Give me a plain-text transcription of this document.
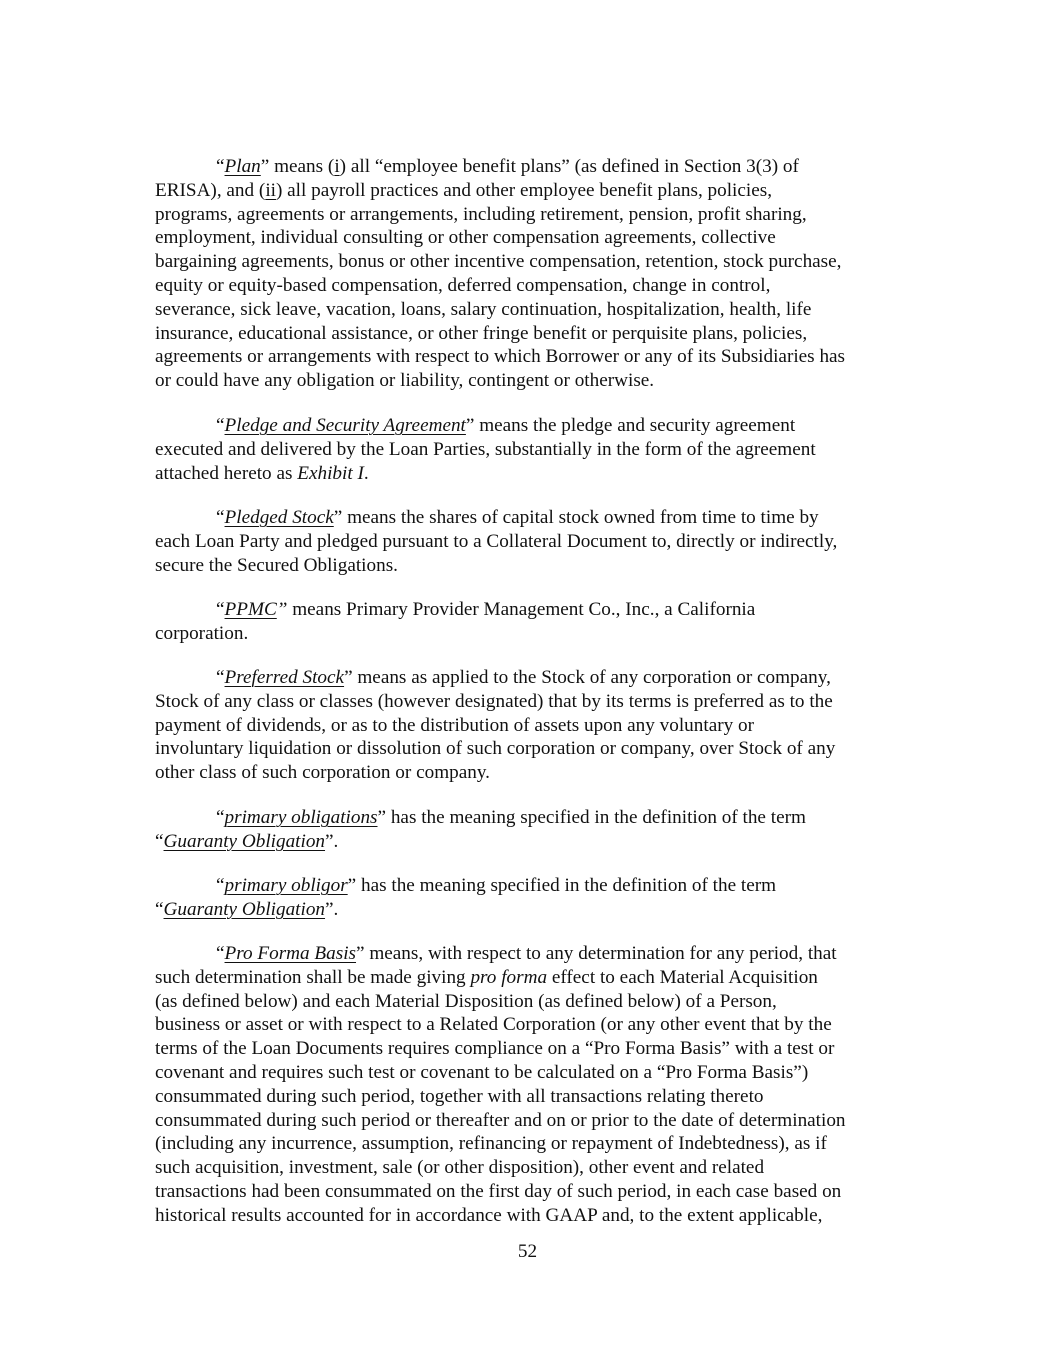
“Plan” means (i) all “employee benefit plans” (as defined in Section 3(3) of
ERISA), and (ii) all payroll practices and other employee benefit plans, policies,
programs, agreements or arrangements, including retirement, pension, profit sharing,
employment, individual consulting or other compensation agreements, collective
bargaining agreements, bonus or other incentive compensation, retention, stock purchase,
equity or equity-based compensation, deferred compensation, change in control,
severance, sick leave, vacation, loans, salary continuation, hospitalization, health, life
insurance, educational assistance, or other fringe benefit or perquisite plans, policies,
agreements or arrangements with respect to which Borrower or any of its Subsidiaries has
or could have any obligation or liability, contingent or otherwise.
“Pledge and Security Agreement” means the pledge and security agreement
executed and delivered by the Loan Parties, substantially in the form of the agreement
attached hereto as Exhibit I.
“Pledged Stock” means the shares of capital stock owned from time to time by
each Loan Party and pledged pursuant to a Collateral Document to, directly or indirectly,
secure the Secured Obligations.
“PPMC” means Primary Provider Management Co., Inc., a California
corporation.
“Preferred Stock” means as applied to the Stock of any corporation or company,
Stock of any class or classes (however designated) that by its terms is preferred as to the
payment of dividends, or as to the distribution of assets upon any voluntary or
involuntary liquidation or dissolution of such corporation or company, over Stock of any
other class of such corporation or company.
“primary obligations” has the meaning specified in the definition of the term
“Guaranty Obligation”.
“primary obligor” has the meaning specified in the definition of the term
“Guaranty Obligation”.
“Pro Forma Basis” means, with respect to any determination for any period, that
such determination shall be made giving pro forma effect to each Material Acquisition
(as defined below) and each Material Disposition (as defined below) of a Person,
business or asset or with respect to a Related Corporation (or any other event that by the
terms of the Loan Documents requires compliance on a “Pro Forma Basis” with a test or
covenant and requires such test or covenant to be calculated on a “Pro Forma Basis”)
consummated during such period, together with all transactions relating thereto
consummated during such period or thereafter and on or prior to the date of determination
(including any incurrence, assumption, refinancing or repayment of Indebtedness), as if
such acquisition, investment, sale (or other disposition), other event and related
transactions had been consummated on the first day of such period, in each case based on
historical results accounted for in accordance with GAAP and, to the extent applicable,
52
